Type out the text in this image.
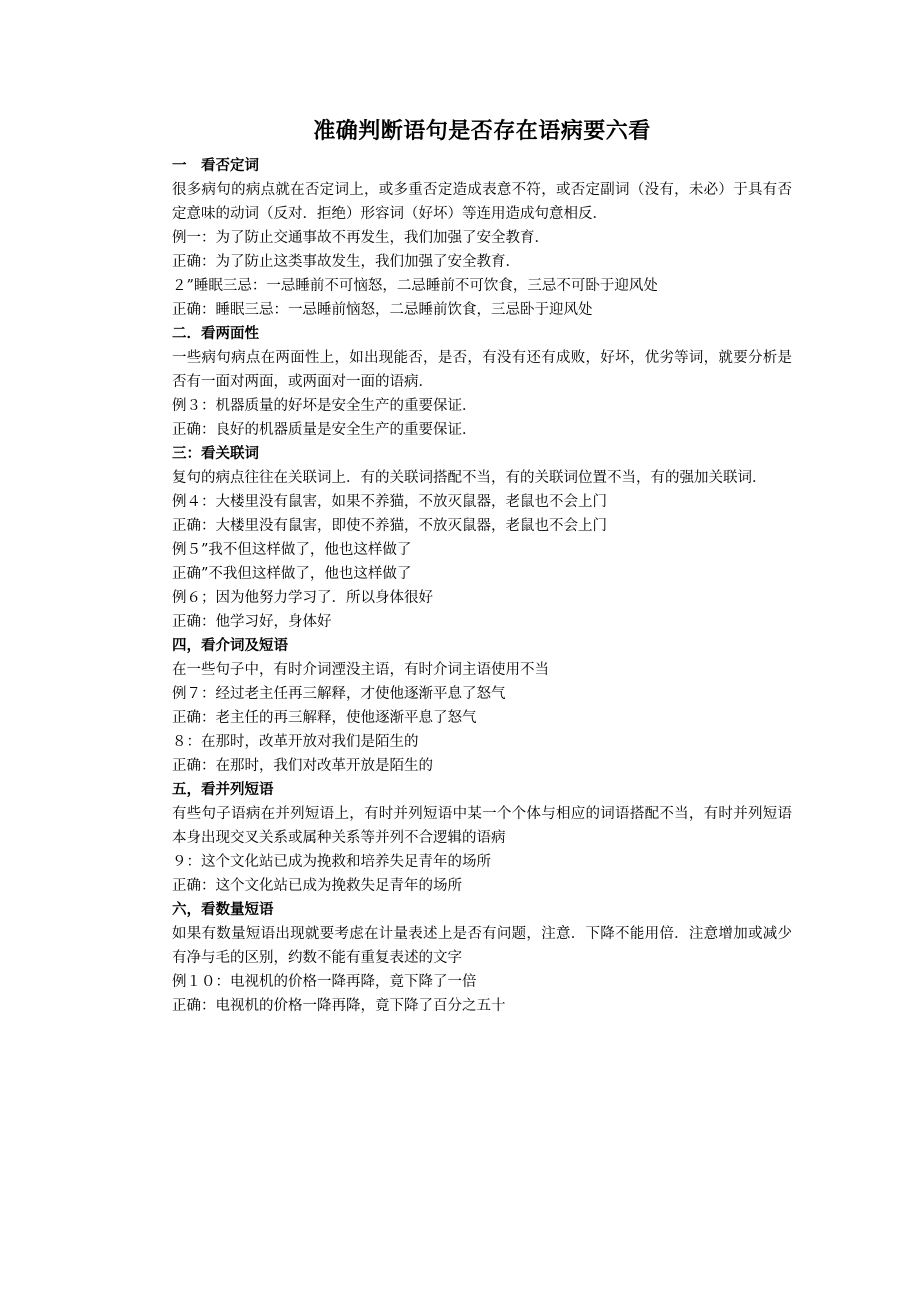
准确判断语句是否存在语病要六看
一　看否定词
很多病句的病点就在否定词上，或多重否定造成表意不符，或否定副词（没有，未必）于具有否定意味的动词（反对．拒绝）形容词（好坏）等连用造成句意相反．
例一：为了防止交通事故不再发生，我们加强了安全教育．
正确：为了防止这类事故发生，我们加强了安全教育．
２”睡眠三忌：一忌睡前不可恼怒，二忌睡前不可饮食，三忌不可卧于迎风处
正确：睡眠三忌：一忌睡前恼怒，二忌睡前饮食，三忌卧于迎风处
二．看两面性
一些病句病点在两面性上，如出现能否，是否，有没有还有成败，好坏，优劣等词，就要分析是否有一面对两面，或两面对一面的语病．
例３：机器质量的好坏是安全生产的重要保证．
正确：良好的机器质量是安全生产的重要保证．
三：看关联词
复句的病点往往在关联词上．有的关联词搭配不当，有的关联词位置不当，有的强加关联词．
例４：大楼里没有鼠害，如果不养猫，不放灭鼠器，老鼠也不会上门
正确：大楼里没有鼠害，即使不养猫，不放灭鼠器，老鼠也不会上门
例５”我不但这样做了，他也这样做了
正确”不我但这样做了，他也这样做了
例６；因为他努力学习了．所以身体很好
正确：他学习好，身体好
四，看介词及短语
在一些句子中，有时介词湮没主语，有时介词主语使用不当
例７：经过老主任再三解释，才使他逐渐平息了怒气
正确：老主任的再三解释，使他逐渐平息了怒气
８：在那时，改革开放对我们是陌生的
正确：在那时，我们对改革开放是陌生的
五，看并列短语
有些句子语病在并列短语上，有时并列短语中某一个个体与相应的词语搭配不当，有时并列短语本身出现交叉关系或属种关系等并列不合逻辑的语病
９：这个文化站已成为挽救和培养失足青年的场所
正确：这个文化站已成为挽救失足青年的场所
六，看数量短语
如果有数量短语出现就要考虑在计量表述上是否有问题，注意．下降不能用倍．注意增加或减少有净与毛的区别，约数不能有重复表述的文字
例１０：电视机的价格一降再降，竟下降了一倍
正确：电视机的价格一降再降，竟下降了百分之五十
